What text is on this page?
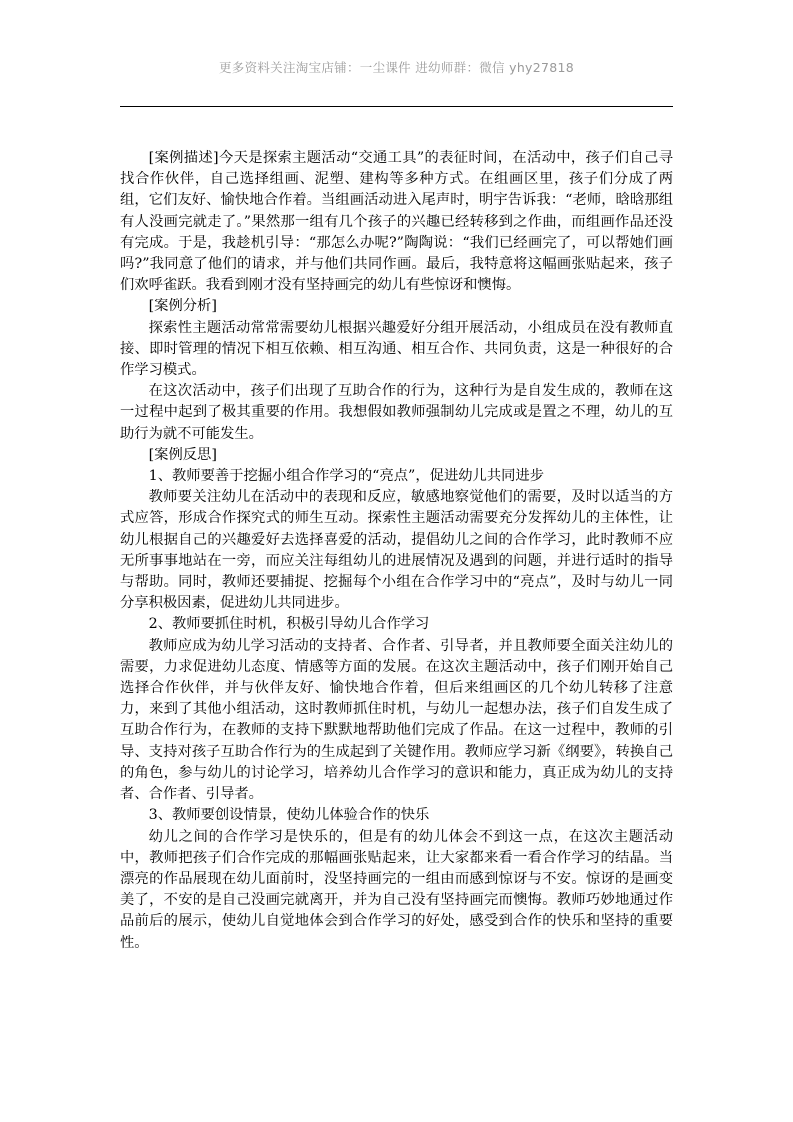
更多资料关注淘宝店铺：一尘课件 进幼师群：微信 yhy27818

[案例描述]今天是探索主题活动“交通工具”的表征时间，在活动中，孩子们自己寻找合作伙伴，自己选择组画、泥塑、建构等多种方式。在组画区里，孩子们分成了两组，它们友好、愉快地合作着。当组画活动进入尾声时，明宇告诉我：“老师，晗晗那组有人没画完就走了。”果然那一组有几个孩子的兴趣已经转移到之作曲，而组画作品还没有完成。于是，我趁机引导：“那怎么办呢?”陶陶说：“我们已经画完了，可以帮她们画吗?”我同意了他们的请求，并与他们共同作画。最后，我特意将这幅画张贴起来，孩子们欢呼雀跃。我看到刚才没有坚持画完的幼儿有些惊讶和懊悔。

[案例分析]

探索性主题活动常常需要幼儿根据兴趣爱好分组开展活动，小组成员在没有教师直接、即时管理的情况下相互依赖、相互沟通、相互合作、共同负责，这是一种很好的合作学习模式。

在这次活动中，孩子们出现了互助合作的行为，这种行为是自发生成的，教师在这一过程中起到了极其重要的作用。我想假如教师强制幼儿完成或是置之不理，幼儿的互助行为就不可能发生。

[案例反思]

1、教师要善于挖掘小组合作学习的“亮点”，促进幼儿共同进步

教师要关注幼儿在活动中的表现和反应，敏感地察觉他们的需要，及时以适当的方式应答，形成合作探究式的师生互动。探索性主题活动需要充分发挥幼儿的主体性，让幼儿根据自己的兴趣爱好去选择喜爱的活动，提倡幼儿之间的合作学习，此时教师不应无所事事地站在一旁，而应关注每组幼儿的进展情况及遇到的问题，并进行适时的指导与帮助。同时，教师还要捕捉、挖掘每个小组在合作学习中的“亮点”，及时与幼儿一同分享积极因素，促进幼儿共同进步。

2、教师要抓住时机，积极引导幼儿合作学习

教师应成为幼儿学习活动的支持者、合作者、引导者，并且教师要全面关注幼儿的需要，力求促进幼儿态度、情感等方面的发展。在这次主题活动中，孩子们刚开始自己选择合作伙伴，并与伙伴友好、愉快地合作着，但后来组画区的几个幼儿转移了注意力，来到了其他小组活动，这时教师抓住时机，与幼儿一起想办法，孩子们自发生成了互助合作行为，在教师的支持下默默地帮助他们完成了作品。在这一过程中，教师的引导、支持对孩子互助合作行为的生成起到了关键作用。教师应学习新《纲要》，转换自己的角色，参与幼儿的讨论学习，培养幼儿合作学习的意识和能力，真正成为幼儿的支持者、合作者、引导者。

3、教师要创设情景，使幼儿体验合作的快乐

幼儿之间的合作学习是快乐的，但是有的幼儿体会不到这一点，在这次主题活动中，教师把孩子们合作完成的那幅画张贴起来，让大家都来看一看合作学习的结晶。当漂亮的作品展现在幼儿面前时，没坚持画完的一组由而感到惊讶与不安。惊讶的是画变美了，不安的是自己没画完就离开，并为自己没有坚持画完而懊悔。教师巧妙地通过作品前后的展示，使幼儿自觉地体会到合作学习的好处，感受到合作的快乐和坚持的重要性。
